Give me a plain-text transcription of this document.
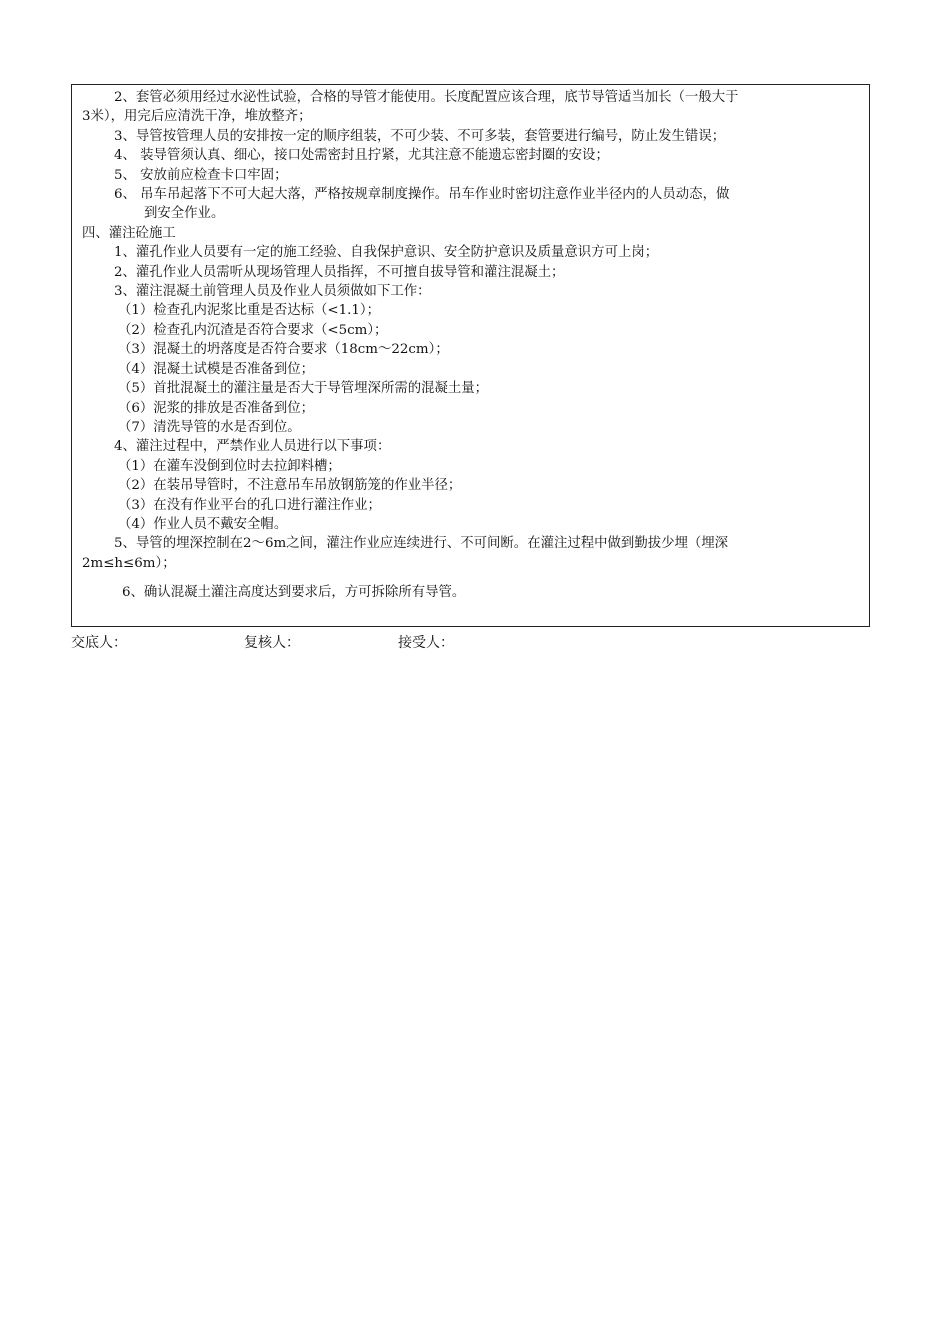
2、套管必须用经过水泌性试验，合格的导管才能使用。长度配置应该合理，底节导管适当加长（一般大于
3米），用完后应清洗干净，堆放整齐；
3、导管按管理人员的安排按一定的顺序组装，不可少装、不可多装，套管要进行编号，防止发生错误；
4、 装导管须认真、细心，接口处需密封且拧紧，尤其注意不能遗忘密封圈的安设；
5、 安放前应检查卡口牢固；
6、 吊车吊起落下不可大起大落，严格按规章制度操作。吊车作业时密切注意作业半径内的人员动态，做
到安全作业。
四、灌注砼施工
1、灌孔作业人员要有一定的施工经验、自我保护意识、安全防护意识及质量意识方可上岗；
2、灌孔作业人员需听从现场管理人员指挥，不可擅自拔导管和灌注混凝土；
3、灌注混凝土前管理人员及作业人员须做如下工作：
（1）检查孔内泥浆比重是否达标（<1.1）；
（2）检查孔内沉渣是否符合要求（<5cm）；
（3）混凝土的坍落度是否符合要求（18cm～22cm）；
（4）混凝土试模是否准备到位；
（5）首批混凝土的灌注量是否大于导管埋深所需的混凝土量；
（6）泥浆的排放是否准备到位；
（7）清洗导管的水是否到位。
4、灌注过程中，严禁作业人员进行以下事项：
（1）在灌车没倒到位时去拉卸料槽；
（2）在装吊导管时，不注意吊车吊放钢筋笼的作业半径；
（3）在没有作业平台的孔口进行灌注作业；
（4）作业人员不戴安全帽。
5、导管的埋深控制在2～6m之间，灌注作业应连续进行、不可间断。在灌注过程中做到勤拔少埋（埋深
2m≤h≤6m）；
6、确认混凝土灌注高度达到要求后，方可拆除所有导管。
交底人：	复核人：	接受人：
